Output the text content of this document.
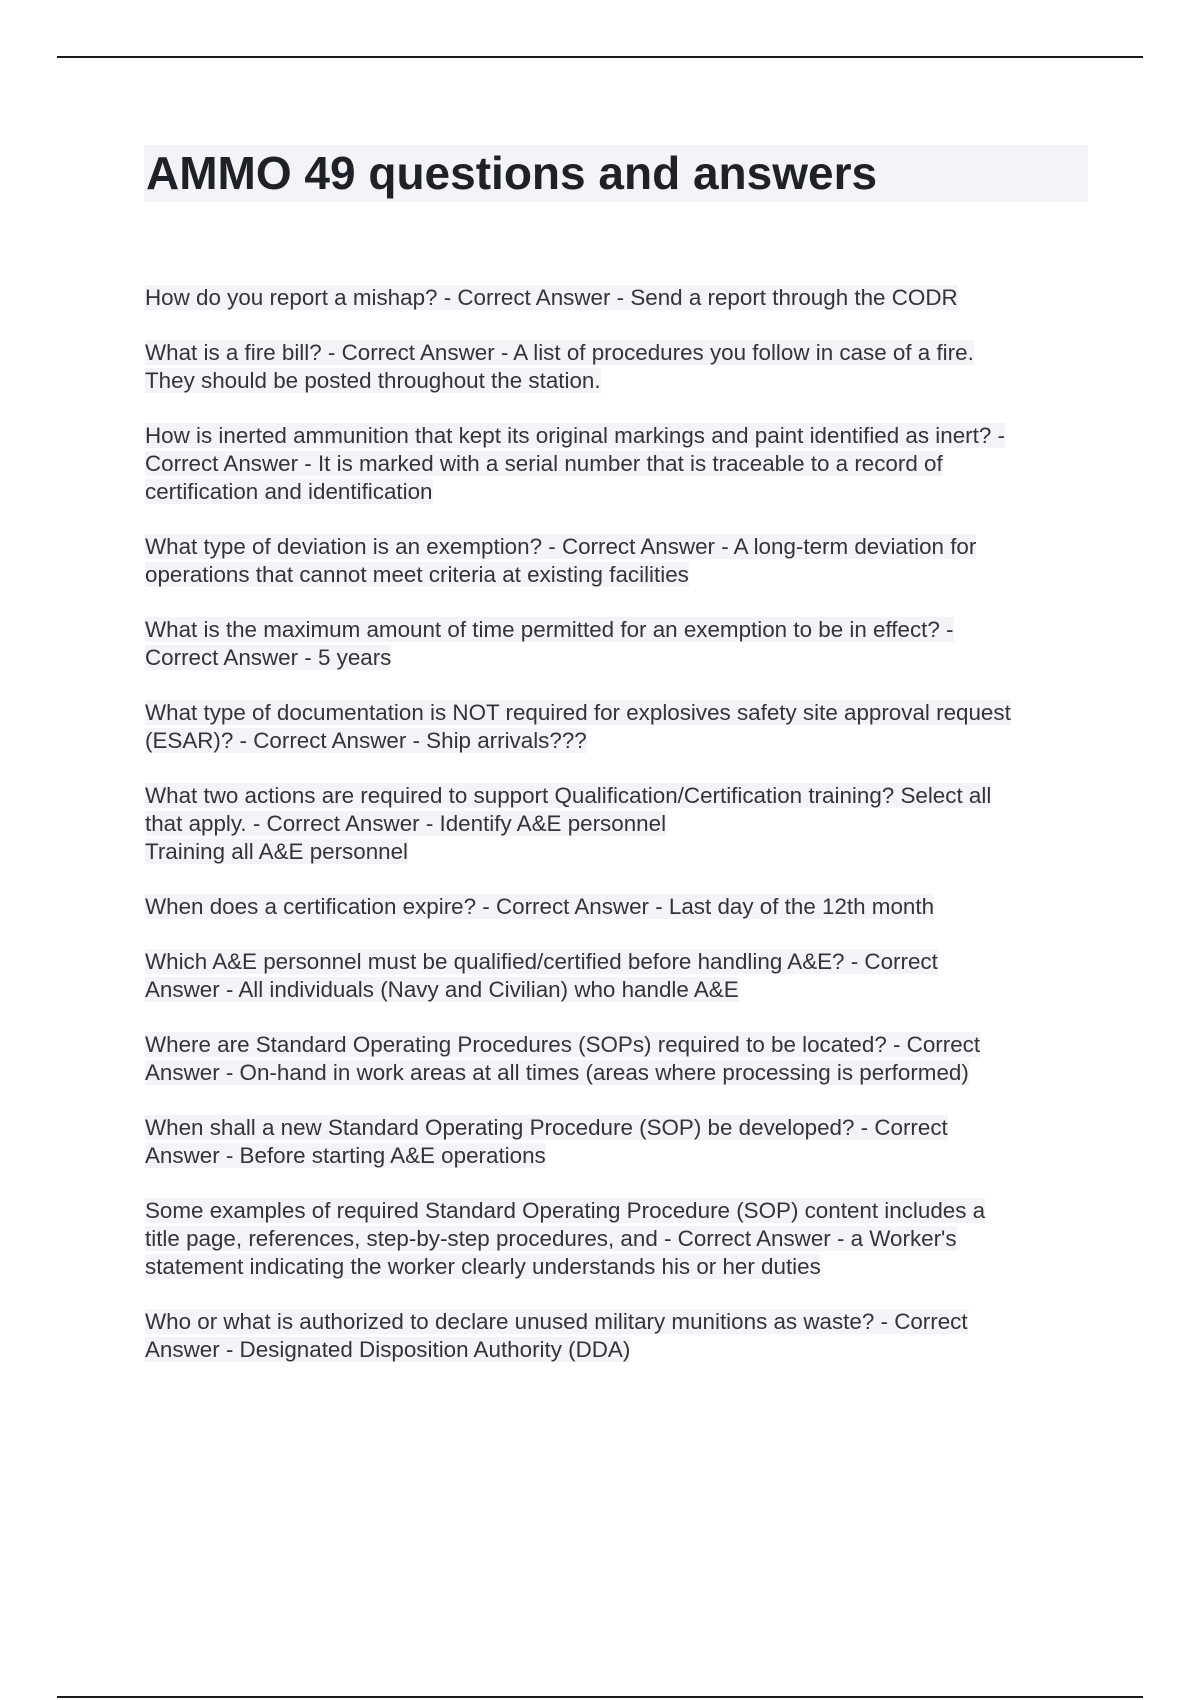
AMMO 49 questions and answers

How do you report a mishap? - Correct Answer - Send a report through the CODR

What is a fire bill? - Correct Answer - A list of procedures you follow in case of a fire.
They should be posted throughout the station.

How is inerted ammunition that kept its original markings and paint identified as inert? -
Correct Answer - It is marked with a serial number that is traceable to a record of
certification and identification

What type of deviation is an exemption? - Correct Answer - A long-term deviation for
operations that cannot meet criteria at existing facilities

What is the maximum amount of time permitted for an exemption to be in effect? -
Correct Answer - 5 years

What type of documentation is NOT required for explosives safety site approval request
(ESAR)? - Correct Answer - Ship arrivals???

What two actions are required to support Qualification/Certification training? Select all
that apply. - Correct Answer - Identify A&E personnel
Training all A&E personnel

When does a certification expire? - Correct Answer - Last day of the 12th month

Which A&E personnel must be qualified/certified before handling A&E? - Correct
Answer - All individuals (Navy and Civilian) who handle A&E

Where are Standard Operating Procedures (SOPs) required to be located? - Correct
Answer - On-hand in work areas at all times (areas where processing is performed)

When shall a new Standard Operating Procedure (SOP) be developed? - Correct
Answer - Before starting A&E operations

Some examples of required Standard Operating Procedure (SOP) content includes a
title page, references, step-by-step procedures, and - Correct Answer - a Worker's
statement indicating the worker clearly understands his or her duties

Who or what is authorized to declare unused military munitions as waste? - Correct
Answer - Designated Disposition Authority (DDA)
